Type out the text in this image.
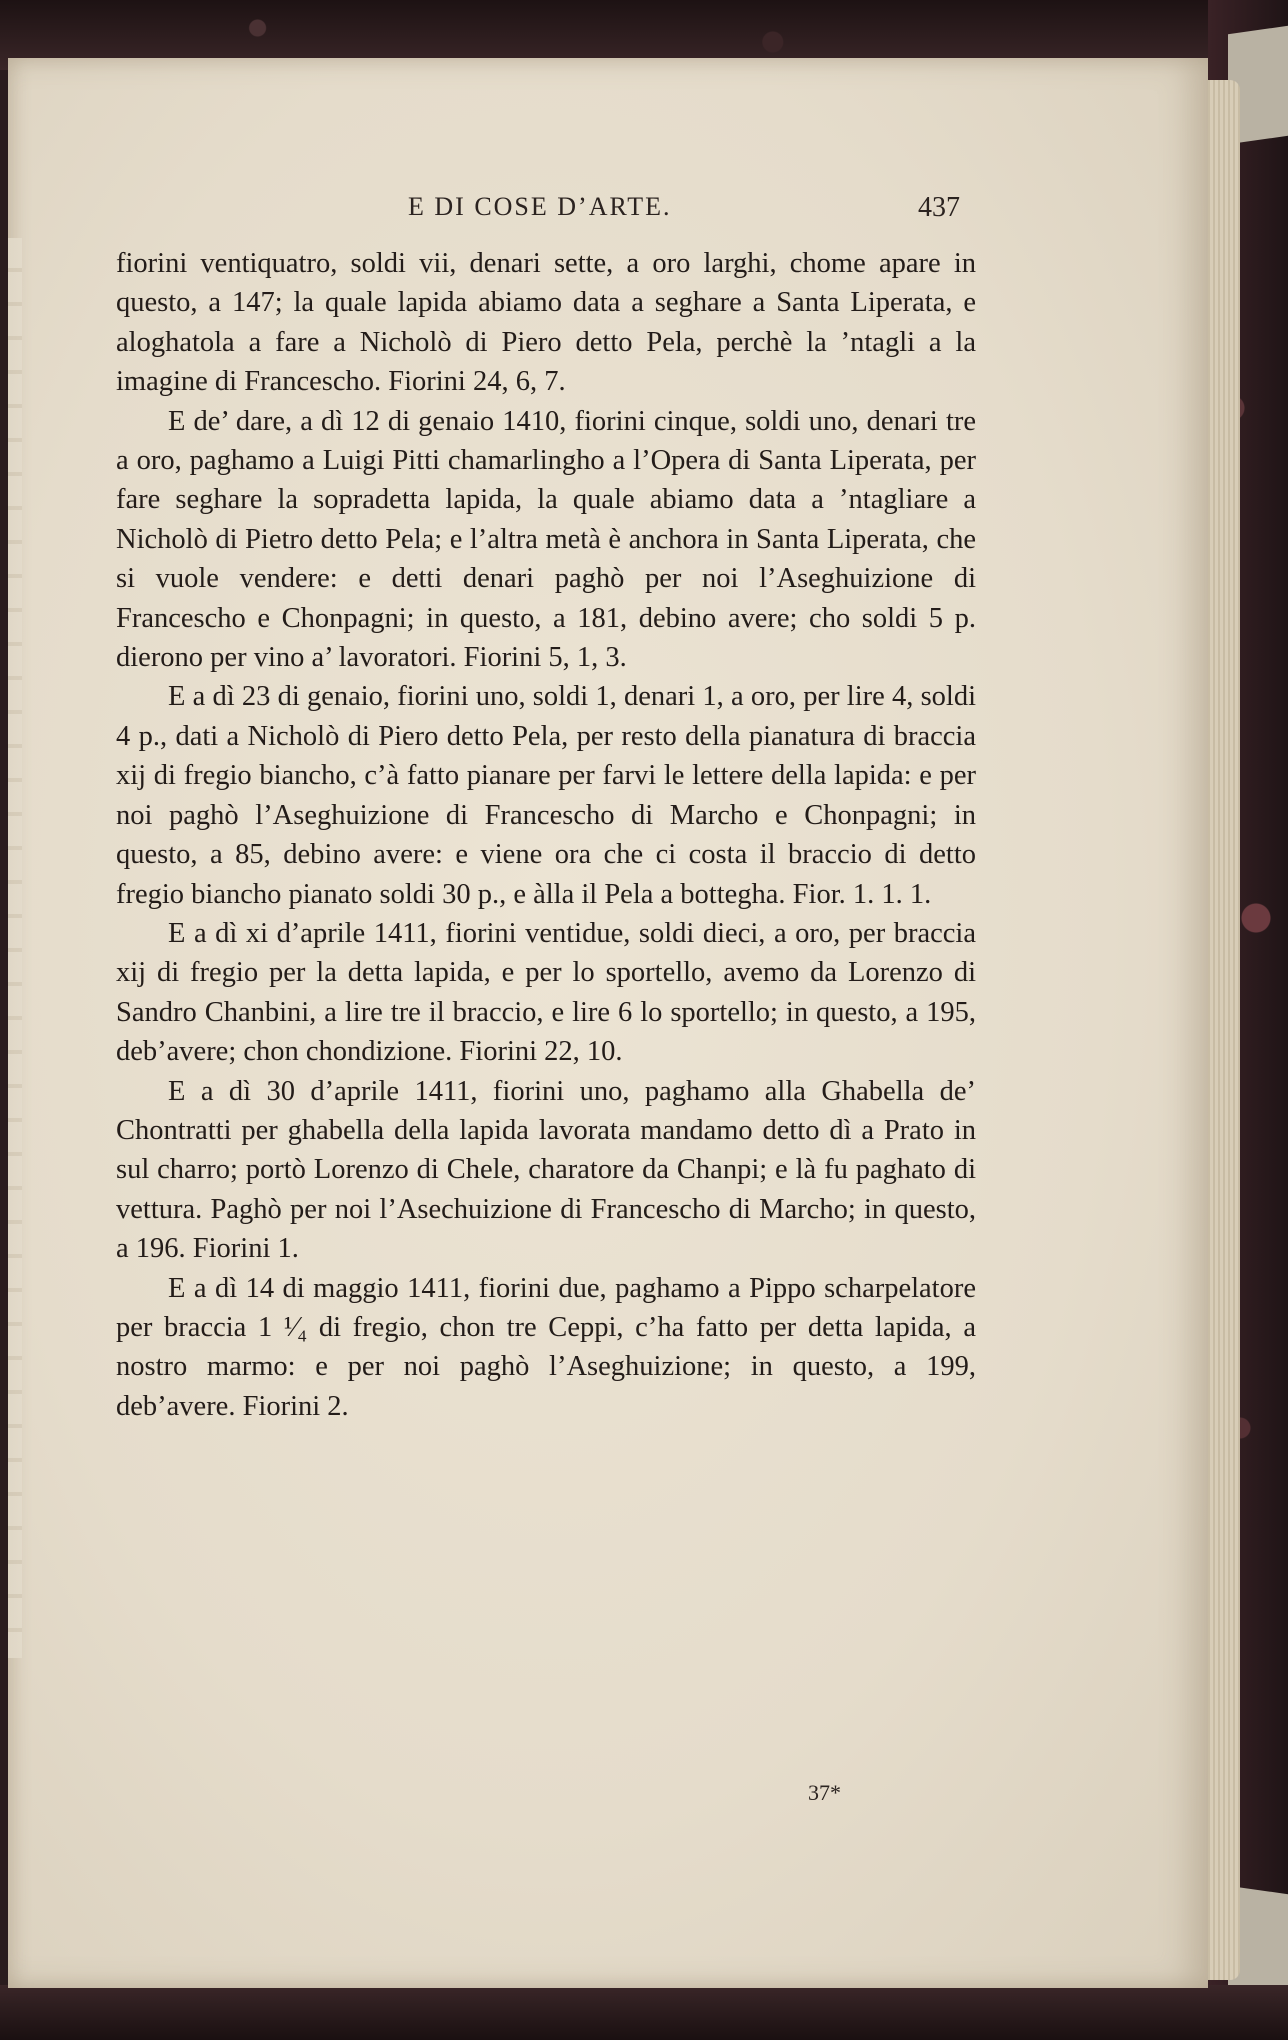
E DI COSE D’ARTE.	437

fiorini ventiquatro, soldi vii, denari sette, a oro larghi, chome apare in questo, a 147; la quale lapida abiamo data a seghare a Santa Liperata, e aloghatola a fare a Nicholò di Piero detto Pela, perchè la ’ntagli a la imagine di Francescho. Fiorini 24, 6, 7.

E de’ dare, a dì 12 di genaio 1410, fiorini cinque, soldi uno, denari tre a oro, paghamo a Luigi Pitti chamarlingho a l’Opera di Santa Liperata, per fare seghare la sopradetta lapida, la quale abiamo data a ’ntagliare a Nicholò di Pietro detto Pela; e l’altra metà è anchora in Santa Liperata, che si vuole vendere: e detti denari paghò per noi l’Aseghuizione di Francescho e Chonpagni; in questo, a 181, debino avere; cho soldi 5 p. dierono per vino a’ lavoratori. Fiorini 5, 1, 3.

E a dì 23 di genaio, fiorini uno, soldi 1, denari 1, a oro, per lire 4, soldi 4 p., dati a Nicholò di Piero detto Pela, per resto della pianatura di braccia xij di fregio biancho, c’à fatto pianare per farvi le lettere della lapida: e per noi paghò l’Aseghuizione di Francescho di Marcho e Chonpagni; in questo, a 85, debino avere: e viene ora che ci costa il braccio di detto fregio biancho pianato soldi 30 p., e àlla il Pela a bottegha. Fior. 1. 1. 1.

E a dì xi d’aprile 1411, fiorini ventidue, soldi dieci, a oro, per braccia xij di fregio per la detta lapida, e per lo sportello, avemo da Lorenzo di Sandro Chanbini, a lire tre il braccio, e lire 6 lo sportello; in questo, a 195, deb’avere; chon chondizione. Fiorini 22, 10.

E a dì 30 d’aprile 1411, fiorini uno, paghamo alla Ghabella de’ Chontratti per ghabella della lapida lavorata mandamo detto dì a Prato in sul charro; portò Lorenzo di Chele, charatore da Chanpi; e là fu paghato di vettura. Paghò per noi l’Asechuizione di Francescho di Marcho; in questo, a 196. Fiorini 1.

E a dì 14 di maggio 1411, fiorini due, paghamo a Pippo scharpelatore per braccia 1 ¹⁄₄ di fregio, chon tre Ceppi, c’ha fatto per detta lapida, a nostro marmo: e per noi paghò l’Aseghuizione; in questo, a 199, deb’avere. Fiorini 2.

37*
